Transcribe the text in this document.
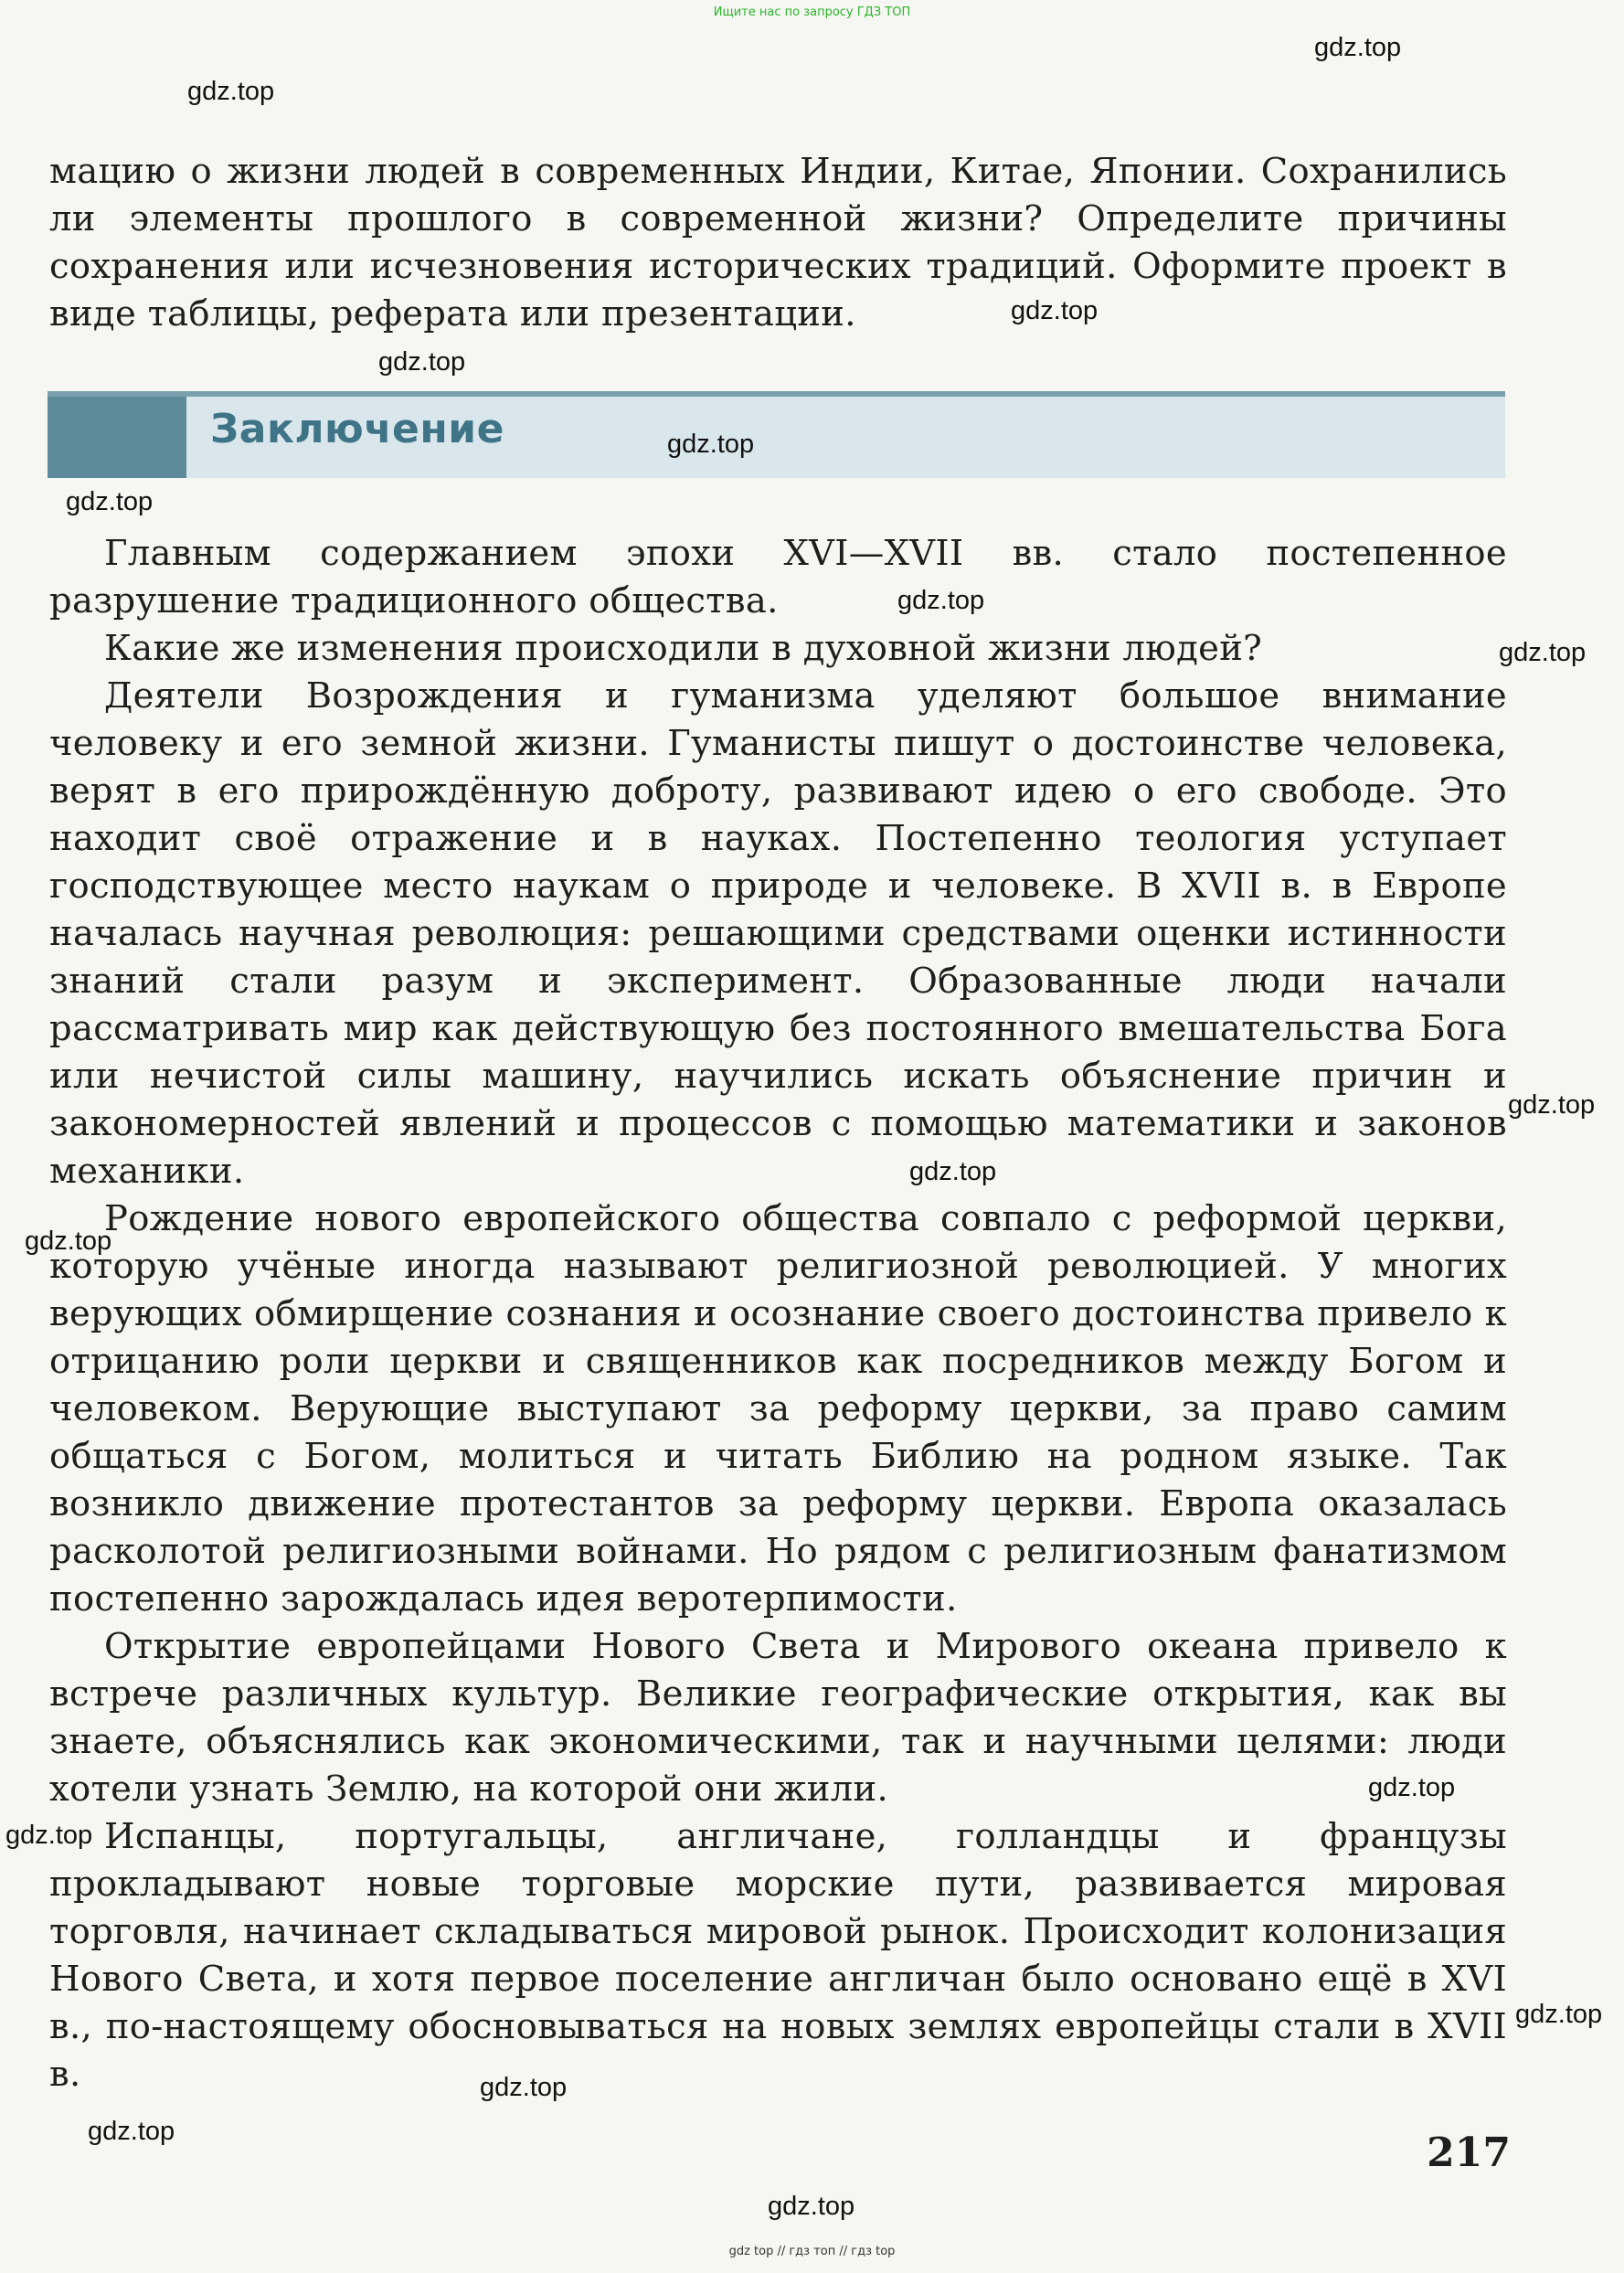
Ищите нас по запросу ГДЗ ТОП

мацию о жизни людей в современных Индии, Китае, Японии. Сохранились ли элементы прошлого в современной жизни? Определите причины сохранения или исчезновения исторических традиций. Оформите проект в виде таблицы, реферата или презентации.

Заключение

Главным содержанием эпохи XVI—XVII вв. стало постепенное разрушение традиционного общества.

Какие же изменения происходили в духовной жизни людей?

Деятели Возрождения и гуманизма уделяют большое внимание человеку и его земной жизни. Гуманисты пишут о достоинстве человека, верят в его прирождённую доброту, развивают идею о его свободе. Это находит своё отражение и в науках. Постепенно теология уступает господствующее место наукам о природе и человеке. В XVII в. в Европе началась научная революция: решающими средствами оценки истинности знаний стали разум и эксперимент. Образованные люди начали рассматривать мир как действующую без постоянного вмешательства Бога или нечистой силы машину, научились искать объяснение причин и закономерностей явлений и процессов с помощью математики и законов механики.

Рождение нового европейского общества совпало с реформой церкви, которую учёные иногда называют религиозной революцией. У многих верующих обмирщение сознания и осознание своего достоинства привело к отрицанию роли церкви и священников как посредников между Богом и человеком. Верующие выступают за реформу церкви, за право самим общаться с Богом, молиться и читать Библию на родном языке. Так возникло движение протестантов за реформу церкви. Европа оказалась расколотой религиозными войнами. Но рядом с религиозным фанатизмом постепенно зарождалась идея веротерпимости.

Открытие европейцами Нового Света и Мирового океана привело к встрече различных культур. Великие географические открытия, как вы знаете, объяснялись как экономическими, так и научными целями: люди хотели узнать Землю, на которой они жили.

Испанцы, португальцы, англичане, голландцы и французы прокладывают новые торговые морские пути, развивается мировая торговля, начинает складываться мировой рынок. Происходит колонизация Нового Света, и хотя первое поселение англичан было основано ещё в XVI в., по-настоящему обосновываться на новых землях европейцы стали в XVII в.

gdz.top
gdz.top
gdz.top
gdz.top
gdz.top
gdz.top
gdz.top
gdz.top
gdz.top
gdz.top
gdz.top
gdz.top
gdz.top
gdz.top
gdz.top
gdz.top
gdz.top
217
gdz top // гдз топ // гдз top
